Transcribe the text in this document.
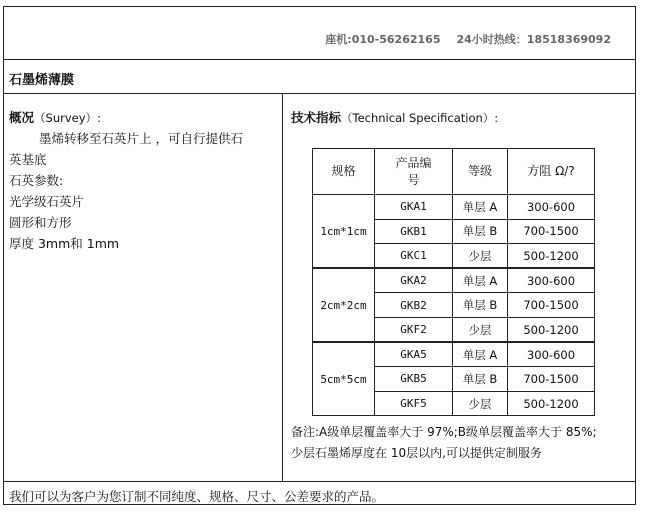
座机:010-56262165 24小时热线：18518369092
石墨烯薄膜
概况（Survey）:
墨烯转移至石英片上 ，可自行提供石
英基底
石英参数:
光学级石英片
圆形和方形
厚度 3mm和 1mm
技术指标（Technical Specification）:
规格	产品编号	等级	方阻 Ω/?
1cm*1cm	GKA1	单层 A	300-600
	GKB1	单层 B	700-1500
	GKC1	少层	500-1200
2cm*2cm	GKA2	单层 A	300-600
	GKB2	单层 B	700-1500
	GKF2	少层	500-1200
5cm*5cm	GKA5	单层 A	300-600
	GKB5	单层 B	700-1500
	GKF5	少层	500-1200
备注:A级单层覆盖率大于 97%;B级单层覆盖率大于 85%;
少层石墨烯厚度在 10层以内,可以提供定制服务
我们可以为客户为您订制不同纯度、规格、尺寸、公差要求的产品。
